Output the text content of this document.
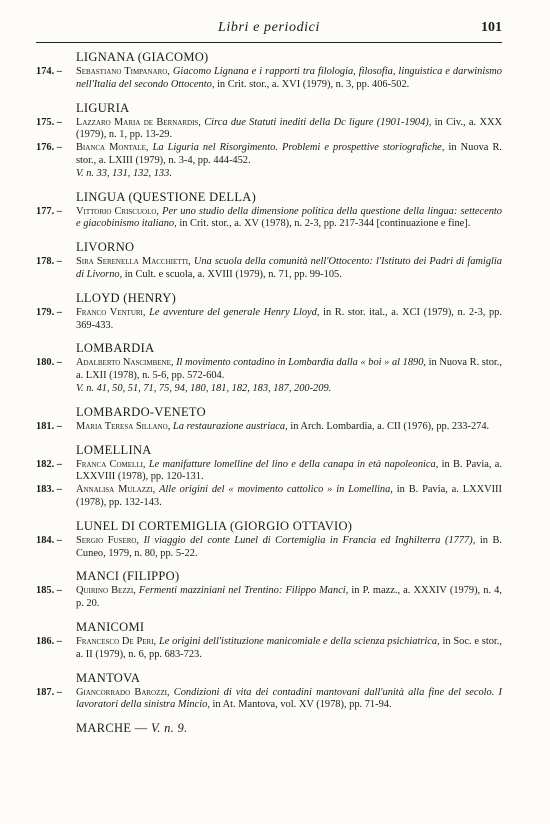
Libri e periodici	101
LIGNANA (GIACOMO)
174. –	Sebastiano Timpanaro, Giacomo Lignana e i rapporti tra filologia, filosofia, linguistica e darwinismo nell'Italia del secondo Ottocento, in Crit. stor., a. XVI (1979), n. 3, pp. 406-502.
LIGURIA
175. –	Lazzaro Maria de Bernardis, Circa due Statuti inediti della Dc ligure (1901-1904), in Civ., a. XXX (1979), n. 1, pp. 13-29.
176. –	Bianca Montale, La Liguria nel Risorgimento. Problemi e prospettive storiografiche, in Nuova R. stor., a. LXIII (1979), n. 3-4, pp. 444-452.
V. n. 33, 131, 132, 133.
LINGUA (QUESTIONE DELLA)
177. –	Vittorio Criscuolo, Per uno studio della dimensione politica della questione della lingua: settecento e giacobinismo italiano, in Crit. stor., a. XV (1978), n. 2-3, pp. 217-344 [continuazione e fine].
LIVORNO
178. –	Sira Serenella Macchietti, Una scuola della comunità nell'Ottocento: l'Istituto dei Padri di famiglia di Livorno, in Cult. e scuola, a. XVIII (1979), n. 71, pp. 99-105.
LLOYD (HENRY)
179. –	Franco Venturi, Le avventure del generale Henry Lloyd, in R. stor. ital., a. XCI (1979), n. 2-3, pp. 369-433.
LOMBARDIA
180. –	Adalberto Nascimbene, Il movimento contadino in Lombardia dalla « boi » al 1890, in Nuova R. stor., a. LXII (1978), n. 5-6, pp. 572-604.
V. n. 41, 50, 51, 71, 75, 94, 180, 181, 182, 183, 187, 200-209.
LOMBARDO-VENETO
181. –	Maria Teresa Sillano, La restaurazione austriaca, in Arch. Lombardia, a. CII (1976), pp. 233-274.
LOMELLINA
182. –	Franca Comelli, Le manifatture lomelline del lino e della canapa in età napoleonica, in B. Pavia, a. LXXVIII (1978), pp. 120-131.
183. –	Annalisa Mulazzi, Alle origini del « movimento cattolico » in Lomellina, in B. Pavia, a. LXXVIII (1978), pp. 132-143.
LUNEL DI CORTEMIGLIA (GIORGIO OTTAVIO)
184. –	Sergio Fusero, Il viaggio del conte Lunel di Cortemiglia in Francia ed Inghilterra (1777), in B. Cuneo, 1979, n. 80, pp. 5-22.
MANCI (FILIPPO)
185. –	Quirino Bezzi, Fermenti mazziniani nel Trentino: Filippo Manci, in P. mazz., a. XXXIV (1979), n. 4, p. 20.
MANICOMI
186. –	Francesco De Peri, Le origini dell'istituzione manicomiale e della scienza psichiatrica, in Soc. e stor., a. II (1979), n. 6, pp. 683-723.
MANTOVA
187. –	Giancorrado Barozzi, Condizioni di vita dei contadini mantovani dall'unità alla fine del secolo. I lavoratori della sinistra Mincio, in At. Mantova, vol. XV (1978), pp. 71-94.
MARCHE — V. n. 9.
